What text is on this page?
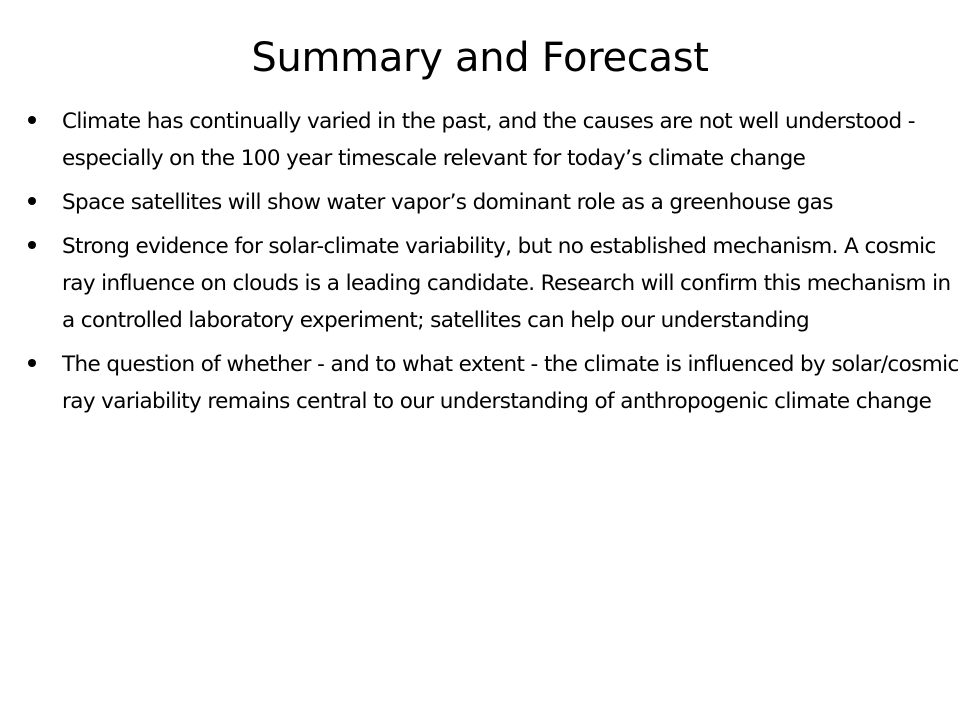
Summary and Forecast
Climate has continually varied in the past, and the causes are not well understood - especially on the 100 year timescale relevant for today’s climate change
Space satellites will show water vapor’s dominant role as a greenhouse gas
Strong evidence for solar-climate variability, but no established mechanism. A cosmic ray influence on clouds is a leading candidate. Research will confirm this mechanism in a controlled laboratory experiment; satellites can help our understanding
The question of whether - and to what extent - the climate is influenced by solar/cosmic ray variability remains central to our understanding of anthropogenic climate change
